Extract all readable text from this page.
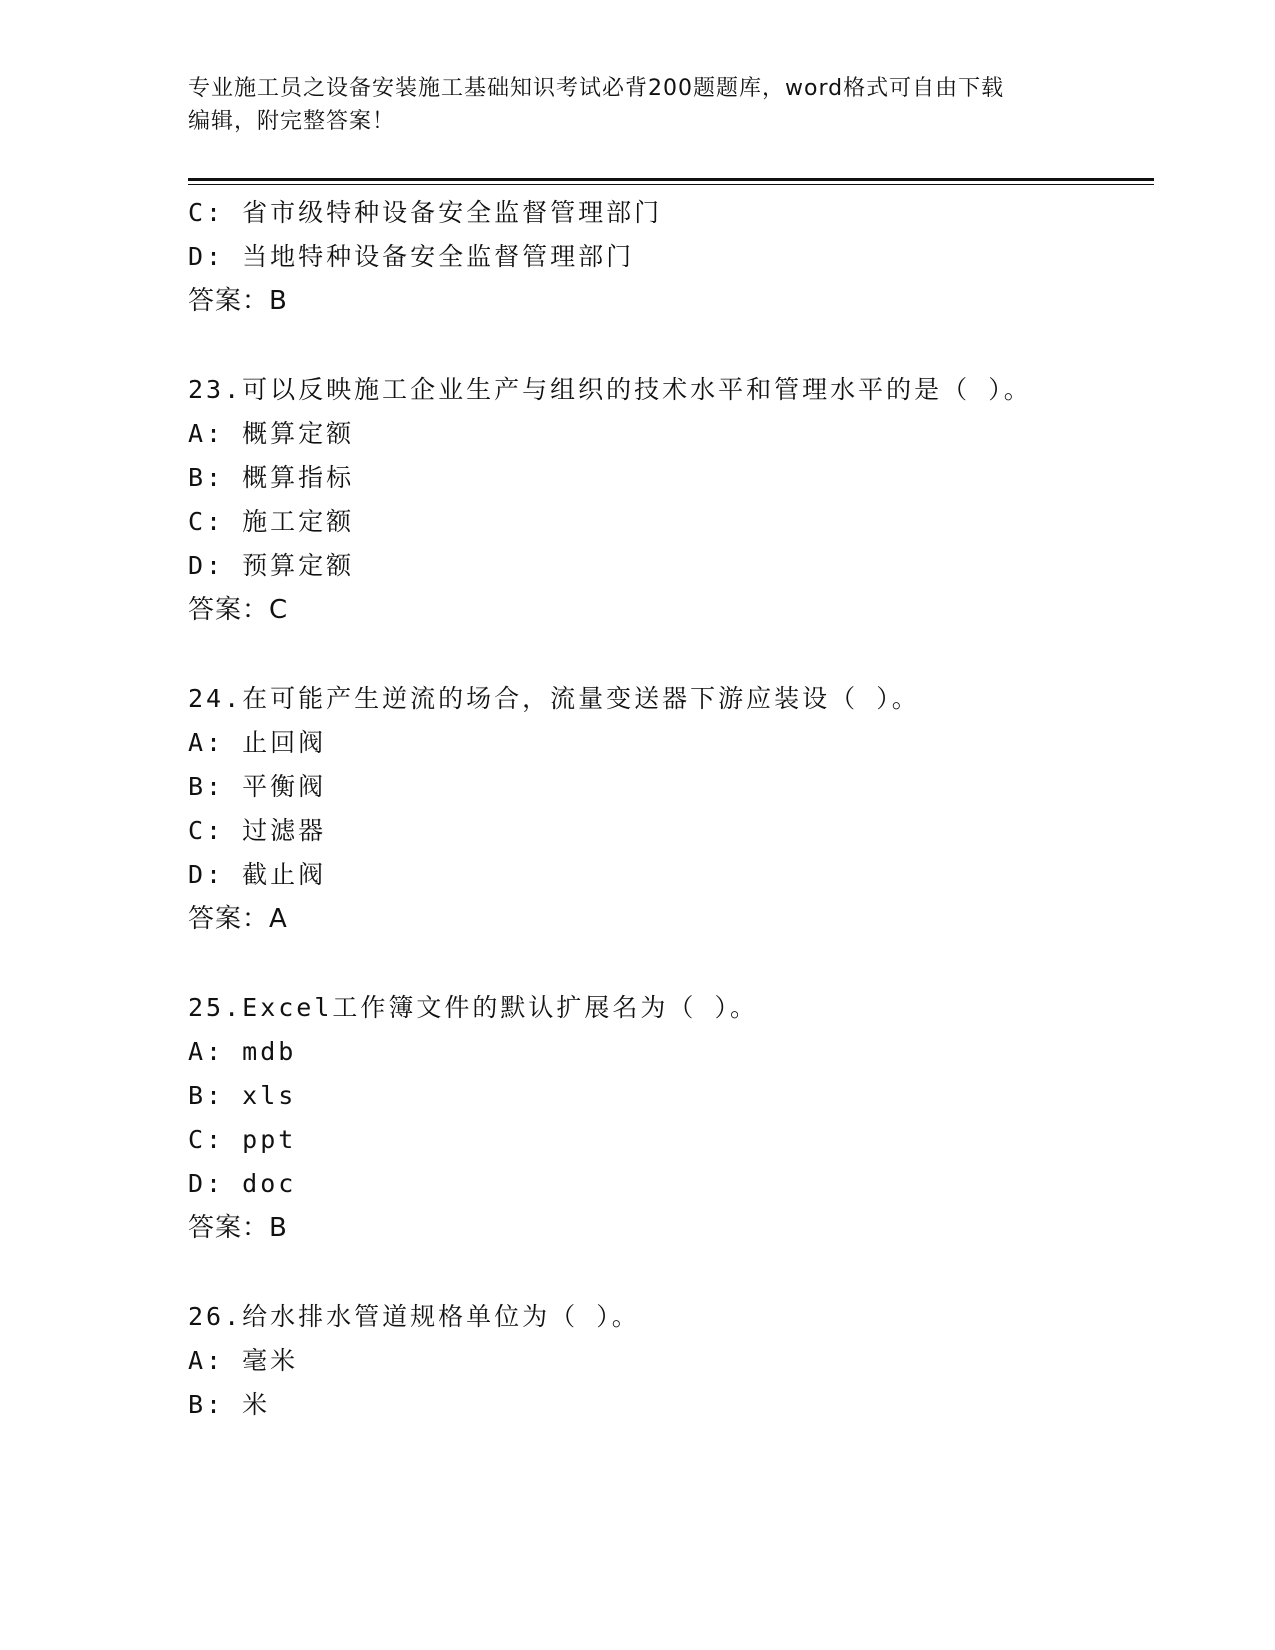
专业施工员之设备安装施工基础知识考试必背200题题库，word格式可自由下载
编辑，附完整答案！
C: 省市级特种设备安全监督管理部门
D: 当地特种设备安全监督管理部门
答案：B
23.可以反映施工企业生产与组织的技术水平和管理水平的是（ ）。
A: 概算定额
B: 概算指标
C: 施工定额
D: 预算定额
答案：C
24.在可能产生逆流的场合，流量变送器下游应装设（ ）。
A: 止回阀
B: 平衡阀
C: 过滤器
D: 截止阀
答案：A
25.Excel工作簿文件的默认扩展名为（ ）。
A: mdb
B: xls
C: ppt
D: doc
答案：B
26.给水排水管道规格单位为（ ）。
A: 毫米
B: 米
